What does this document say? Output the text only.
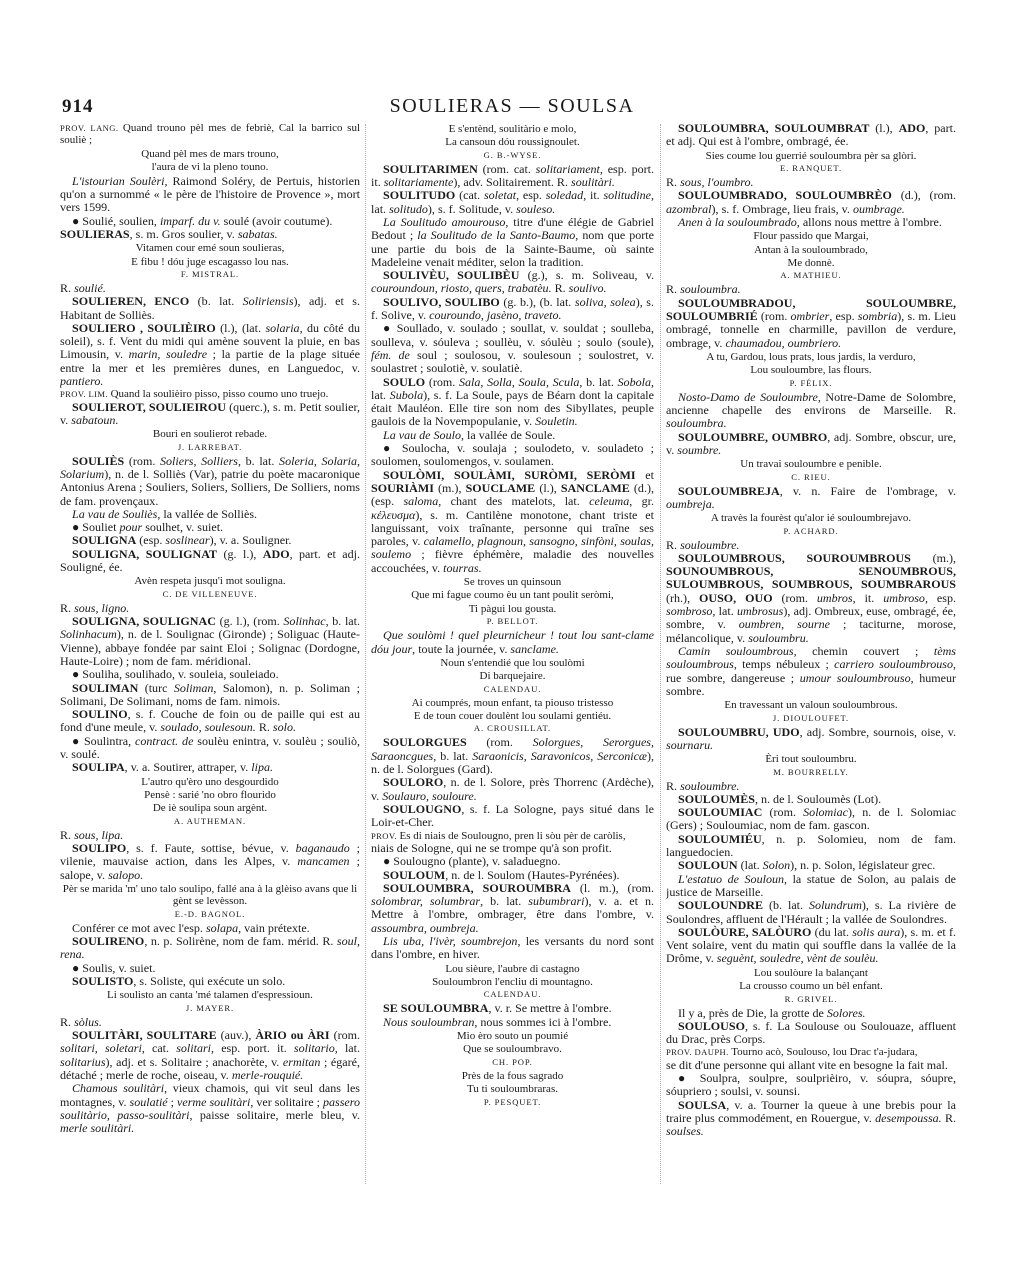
914	SOULIERAS — SOULSA

PROV. LANG. Quand trouno pèl mes de febriè, Cal la barrico sul souliè ;

Quand pèl mes de mars trouno,

l'aura de vi la pleno touno.

L'istourian Soulèri, Raimond Soléry, de Pertuis, historien qu'on a surnommé « le père de l'histoire de Provence », mort vers 1599.

● Soulié, soulien, imparf. du v. soulé (avoir coutume).

SOULIERAS, s. m. Gros soulier, v. sabatas.

Vitamen cour emé soun soulieras,

E fibu ! dóu juge escagasso lou nas.

F. MISTRAL.

R. soulié.

SOULIEREN, ENCO (b. lat. Soliriensis), adj. et s. Habitant de Solliès.

SOULIERO , SOULIÈIRO (l.), (lat. solaria, du côté du soleil), s. f. Vent du midi qui amène souvent la pluie, en bas Limousin, v. marin, souledre ; la partie de la plage située entre la mer et les premières dunes, en Languedoc, v. pantiero.

PROV. LIM. Quand la soulièiro pisso, pisso coumo uno truejo.

SOULIEROT, SOULIEIROU (querc.), s. m. Petit soulier, v. sabatoun.

Bouri en soulierot rebade.

J. LARREBAT.

SOULIÈS (rom. Soliers, Solliers, b. lat. Soleria, Solaria, Solarium), n. de l. Solliès (Var), patrie du poète macaronique Antonius Arena ; Souliers, Soliers, Solliers, De Solliers, noms de fam. provençaux.

La vau de Souliès, la vallée de Solliès.

● Souliet pour soulhet, v. suiet.

SOULIGNA (esp. soslinear), v. a. Souligner.

SOULIGNA, SOULIGNAT (g. l.), ADO, part. et adj. Souligné, ée.

Avèn respeta jusqu'i mot souligna.

C. DE VILLENEUVE.

R. sous, ligno.

SOULIGNA, SOULIGNAC (g. l.), (rom. Solinhac, b. lat. Solinhacum), n. de l. Soulignac (Gironde) ; Soliguac (Haute-Vienne), abbaye fondée par saint Eloi ; Solignac (Dordogne, Haute-Loire) ; nom de fam. méridional.

● Souliha, soulihado, v. souleia, souleiado.

SOULIMAN (turc Soliman, Salomon), n. p. Soliman ; Solimani, De Solimani, noms de fam. nimois.

SOULINO, s. f. Couche de foin ou de paille qui est au fond d'une meule, v. soulado, soulesoun. R. solo.

● Soulintra, contract. de soulèu enintra, v. soulèu ; souliò, v. soulé.

SOULIPA, v. a. Soutirer, attraper, v. lipa.

L'autro qu'èro uno desgourdido

Pensè : sarié 'no obro flourido

De iè soulipa soun argènt.

A. AUTHEMAN.

R. sous, lipa.

SOULIPO, s. f. Faute, sottise, bévue, v. baganaudo ; vilenie, mauvaise action, dans les Alpes, v. mancamen ; salope, v. salopo.

Pèr se marida 'm' uno talo soulipo, fallé ana à la glèiso avans que li gènt se levèsson.

E.-D. BAGNOL.

Conférer ce mot avec l'esp. solapa, vain prétexte.

SOULIRENO, n. p. Solirène, nom de fam. mérid. R. soul, rena.

● Soulis, v. suiet.

SOULISTO, s. Soliste, qui exécute un solo.

Li soulisto an canta 'mé talamen d'espressioun.

J. MAYER.

R. sòlus.

SOULITÀRI, SOULITARE (auv.), ÀRIO ou ÀRI (rom. solitari, soletari, cat. solitari, esp. port. it. solitario, lat. solitarius), adj. et s. Solitaire ; anachorète, v. ermitan ; égaré, détaché ; merle de roche, oiseau, v. merle-rouquié.

Chamous soulitàri, vieux chamois, qui vit seul dans les montagnes, v. soulatié ; verme soulitàri, ver solitaire ; passero soulitàrio, passo-soulitàri, paisse solitaire, merle bleu, v. merle soulitàri.

E s'entènd, soulitàrio e molo,

La cansoun dóu roussignoulet.

G. B.-WYSE.

SOULITARIMEN (rom. cat. solitariament, esp. port. it. solitariamente), adv. Solitairement. R. soulitàri.

SOULITUDO (cat. soletat, esp. soledad, it. solitudine, lat. solitudo), s. f. Solitude, v. souleso.

La Soulitudo amourouso, titre d'une élégie de Gabriel Bedout ; la Soulitudo de la Santo-Baumo, nom que porte une partie du bois de la Sainte-Baume, où sainte Madeleine venait méditer, selon la tradition.

SOULIVÈU, SOULIBÈU (g.), s. m. Soliveau, v. couroundoun, riosto, quers, trabatèu. R. soulivo.

SOULIVO, SOULIBO (g. b.), (b. lat. soliva, solea), s. f. Solive, v. couroundo, jasèno, traveto.

● Soullado, v. soulado ; soullat, v. souldat ; soulleba, soulleva, v. sóuleva ; soullèu, v. sóulèu ; soulo (soule), fém. de soul ; soulosou, v. soulesoun ; soulostret, v. soulastret ; soulotiè, v. soulatiè.

SOULO (rom. Sala, Solla, Soula, Scula, b. lat. Sobola, lat. Subola), s. f. La Soule, pays de Béarn dont la capitale était Mauléon. Elle tire son nom des Sibyllates, peuple gaulois de la Novempopulanie, v. Souletin.

La vau de Soulo, la vallée de Soule.

● Soulocha, v. soulaja ; soulodeto, v. souladeto ; soulomen, soulomengos, v. soulamen.

SOULÒMI, SOULÀMI, SURÒMI, SERÒMI et SOURIÀMI (m.), SOUCLAME (l.), SANCLAME (d.), (esp. saloma, chant des matelots, lat. celeuma, gr. κέλευσμα), s. m. Cantilène monotone, chant triste et languissant, voix traînante, personne qui traîne ses paroles, v. calamello, plagnoun, sansogno, sinfòni, soulas, soulemo ; fièvre éphémère, maladie des nouvelles accouchées, v. tourras.

Se troves un quinsoun

Que mi fague coumo èu un tant poulit seròmi,

Ti pàgui lou gousta.

P. BELLOT.

Que soulòmi ! quel pleurnicheur ! tout lou sant-clame dóu jour, toute la journée, v. sanclame.

Noun s'entendié que lou soulòmi

Di barquejaire.

CALENDAU.

Ai coumprés, moun enfant, ta piouso tristesso

E de toun couer doulènt lou soulami gentiéu.

A. CROUSILLAT.

SOULORGUES (rom. Solorgues, Serorgues, Saraoncgues, b. lat. Saraonicis, Saravonicos, Serconicæ), n. de l. Solorgues (Gard).

SOULORO, n. de l. Solore, près Thorrenc (Ardèche), v. Soulauro, souloure.

SOULOUGNO, s. f. La Sologne, pays situé dans le Loir-et-Cher.

PROV. Es di niais de Soulougno, pren li sòu pèr de caròlis,

niais de Sologne, qui ne se trompe qu'à son profit.

● Soulougno (plante), v. saladuegno.

SOULOUM, n. de l. Soulom (Hautes-Pyrénées).

SOULOUMBRA, SOUROUMBRA (l. m.), (rom. solombrar, solumbrar, b. lat. subumbrari), v. a. et n. Mettre à l'ombre, ombrager, être dans l'ombre, v. assoumbra, oumbreja.

Lis uba, l'ivèr, soumbrejon, les versants du nord sont dans l'ombre, en hiver.

Lou sièure, l'aubre di castagno

Souloumbron l'encliu di mountagno.

CALENDAU.

SE SOULOUMBRA, v. r. Se mettre à l'ombre.

Nous souloumbran, nous sommes ici à l'ombre.

Mio èro souto un poumié

Que se souloumbravo.

CH. POP.

Près de la fous sagrado

Tu ti souloumbraras.

P. PESQUET.

SOULOUMBRA, SOULOUMBRAT (l.), ADO, part. et adj. Qui est à l'ombre, ombragé, ée.

Sies coume lou guerrié souloumbra pèr sa glòri.

E. RANQUET.

R. sous, l'oumbro.

SOULOUMBRADO, SOULOUMBRÈO (d.), (rom. azombral), s. f. Ombrage, lieu frais, v. oumbrage.

Anen à la souloumbrado, allons nous mettre à l'ombre.

Flour passido que Margai,

Antan à la souloumbrado,

Me donnè.

A. MATHIEU.

R. souloumbra.

SOULOUMBRADOU, SOULOUMBRE, SOULOUMBRIÉ (rom. ombrier, esp. sombria), s. m. Lieu ombragé, tonnelle en charmille, pavillon de verdure, ombrage, v. chaumadou, oumbriero.

A tu, Gardou, lous prats, lous jardis, la verduro,

Lou souloumbre, las flours.

P. FÉLIX.

Nosto-Damo de Souloumbre, Notre-Dame de Solombre, ancienne chapelle des environs de Marseille. R. souloumbra.

SOULOUMBRE, OUMBRO, adj. Sombre, obscur, ure, v. soumbre.

Un travai souloumbre e penible.

C. RIEU.

SOULOUMBREJA, v. n. Faire de l'ombrage, v. oumbreja.

A travès la fourèst qu'alor ié souloumbrejavo.

P. ACHARD.

R. souloumbre.

SOULOUMBROUS, SOUROUMBROUS (m.), SOUNOUMBROUS, SENOUMBROUS, SULOUMBROUS, SOUMBROUS, SOUMBRAROUS (rh.), OUSO, OUO (rom. umbros, it. umbroso, esp. sombroso, lat. umbrosus), adj. Ombreux, euse, ombragé, ée, sombre, v. oumbren, sourne ; taciturne, morose, mélancolique, v. souloumbru.

Camin souloumbrous, chemin couvert ; tèms souloumbrous, temps nébuleux ; carriero souloumbrouso, rue sombre, dangereuse ; umour souloumbrouso, humeur sombre.

En travessant un valoun souloumbrous.

J. DIOULOUFET.

SOULOUMBRU, UDO, adj. Sombre, sournois, oise, v. sournaru.

Èri tout souloumbru.

M. BOURRELLY.

R. souloumbre.

SOULOUMÈS, n. de l. Souloumès (Lot).

SOULOUMIAC (rom. Solomiac), n. de l. Solomiac (Gers) ; Souloumiac, nom de fam. gascon.

SOULOUMIÉU, n. p. Solomieu, nom de fam. languedocien.

SOULOUN (lat. Solon), n. p. Solon, législateur grec.

L'estatuo de Souloun, la statue de Solon, au palais de justice de Marseille.

SOULOUNDRE (b. lat. Solundrum), s. La rivière de Soulondres, affluent de l'Hérault ; la vallée de Soulondres.

SOULÒURE, SALÒURO (du lat. solis aura), s. m. et f. Vent solaire, vent du matin qui souffle dans la vallée de la Drôme, v. seguènt, souledre, vènt de soulèu.

Lou soulòure la balançant

La crousso coumo un bèl enfant.

R. GRIVEL.

Il y a, près de Die, la grotte de Solores.

SOULOUSO, s. f. La Soulouse ou Soulouaze, affluent du Drac, près Corps.

PROV. DAUPH. Tourno acò, Soulouso, lou Drac t'a-judara,

se dit d'une personne qui allant vite en besogne la fait mal.

● Soulpra, soulpre, soulprièiro, v. sóupra, sóupre, sóupriero ; soulsi, v. sounsi.

SOULSA, v. a. Tourner la queue à une brebis pour la traire plus commodément, en Rouergue, v. desempoussa. R. soulses.
